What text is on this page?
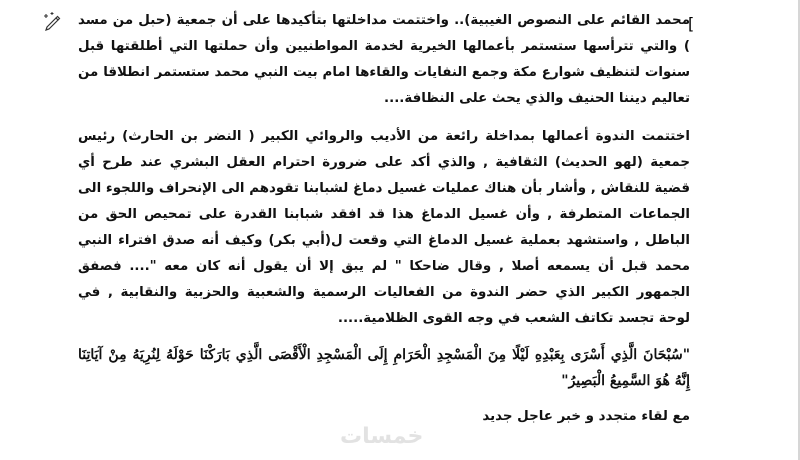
[

محمد القائم على النصوص الغيبية).. واختتمت مداخلتها بتأكيدها على أن جمعية (حبل من مسد ) والتي تترأسها ستستمر بأعمالها الخيرية لخدمة المواطنيين وأن حملتها التي أطلقتها قبل سنوات لتنظيف شوارع مكة وجمع النفايات والقاءها امام بيت النبي محمد ستستمر انطلاقا من تعاليم ديننا الحنيف والذي يحث على النظافة....

اختتمت الندوة أعمالها بمداخلة رائعة من الأديب والروائي الكبير ( النضر بن الحارث) رئيس جمعية (لهو الحديث) الثقافية , والذي أكد على ضرورة احترام العقل البشري عند طرح أي قضية للنقاش , وأشار بأن هناك عمليات غسيل دماغ لشبابنا تقودهم الى الإنحراف واللجوء الى الجماعات المتطرفة , وأن غسيل الدماغ هذا قد افقد شبابنا القدرة على تمحيص الحق من الباطل , واستشهد بعملية غسيل الدماغ التي وقعت ل(أبي بكر) وكيف أنه صدق افتراء النبي محمد قبل أن يسمعه أصلا , وقال ضاحكا " لم يبق إلا أن يقول أنه كان معه ".... فصفق الجمهور الكبير الذي حضر الندوة من الفعاليات الرسمية والشعبية والحزبية والنقابية , في لوحة تجسد تكاتف الشعب في وجه القوى الظلامية.....

"سُبْحَانَ الَّذِي أَسْرَى بِعَبْدِهِ لَيْلًا مِنَ الْمَسْجِدِ الْحَرَامِ إِلَى الْمَسْجِدِ الْأَقْصَى الَّذِي بَارَكْنَا حَوْلَهُ لِنُرِيَهُ مِنْ آيَاتِنَا إِنَّهُ هُوَ السَّمِيعُ الْبَصِيرُ"

مع لقاء متجدد و خبر عاجل جديد

خمسات
